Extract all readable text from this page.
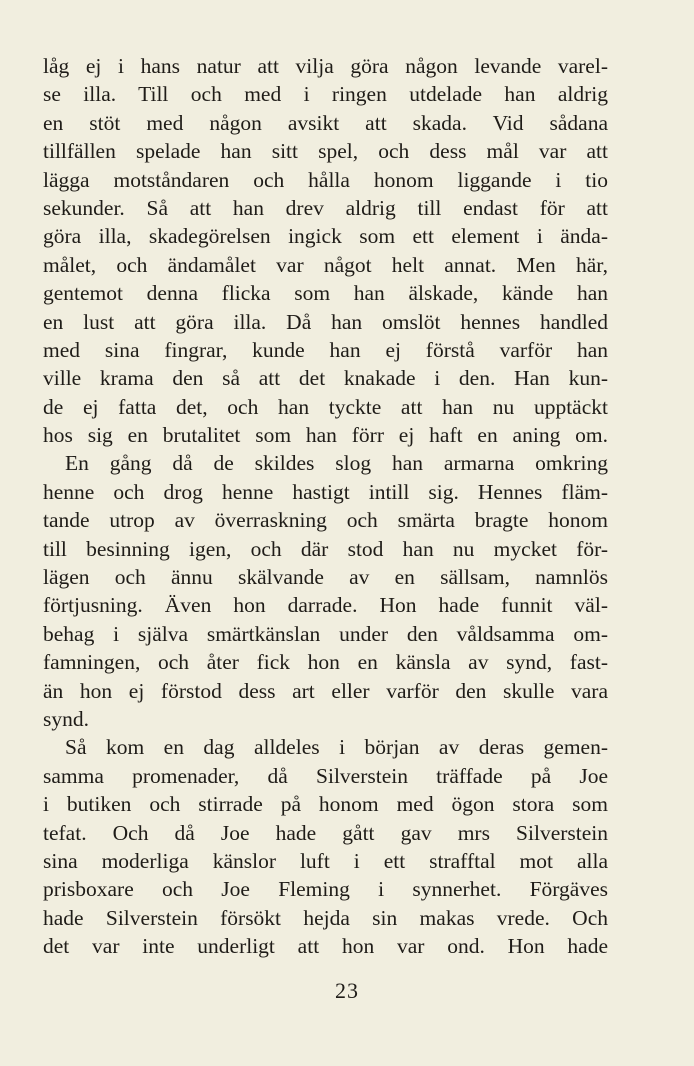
låg ej i hans natur att vilja göra någon levande varel-
se illa. Till och med i ringen utdelade han aldrig
en stöt med någon avsikt att skada. Vid sådana
tillfällen spelade han sitt spel, och dess mål var att
lägga motståndaren och hålla honom liggande i tio
sekunder. Så att han drev aldrig till endast för att
göra illa, skadegörelsen ingick som ett element i ända-
målet, och ändamålet var något helt annat. Men här,
gentemot denna flicka som han älskade, kände han
en lust att göra illa. Då han omslöt hennes handled
med sina fingrar, kunde han ej förstå varför han
ville krama den så att det knakade i den. Han kun-
de ej fatta det, och han tyckte att han nu upptäckt
hos sig en brutalitet som han förr ej haft en aning om.
En gång då de skildes slog han armarna omkring
henne och drog henne hastigt intill sig. Hennes fläm-
tande utrop av överraskning och smärta bragte honom
till besinning igen, och där stod han nu mycket för-
lägen och ännu skälvande av en sällsam, namnlös
förtjusning. Även hon darrade. Hon hade funnit väl-
behag i själva smärtkänslan under den våldsamma om-
famningen, och åter fick hon en känsla av synd, fast-
än hon ej förstod dess art eller varför den skulle vara
synd.
Så kom en dag alldeles i början av deras gemen-
samma promenader, då Silverstein träffade på Joe
i butiken och stirrade på honom med ögon stora som
tefat. Och då Joe hade gått gav mrs Silverstein
sina moderliga känslor luft i ett strafftal mot alla
prisboxare och Joe Fleming i synnerhet. Förgäves
hade Silverstein försökt hejda sin makas vrede. Och
det var inte underligt att hon var ond. Hon hade
23
